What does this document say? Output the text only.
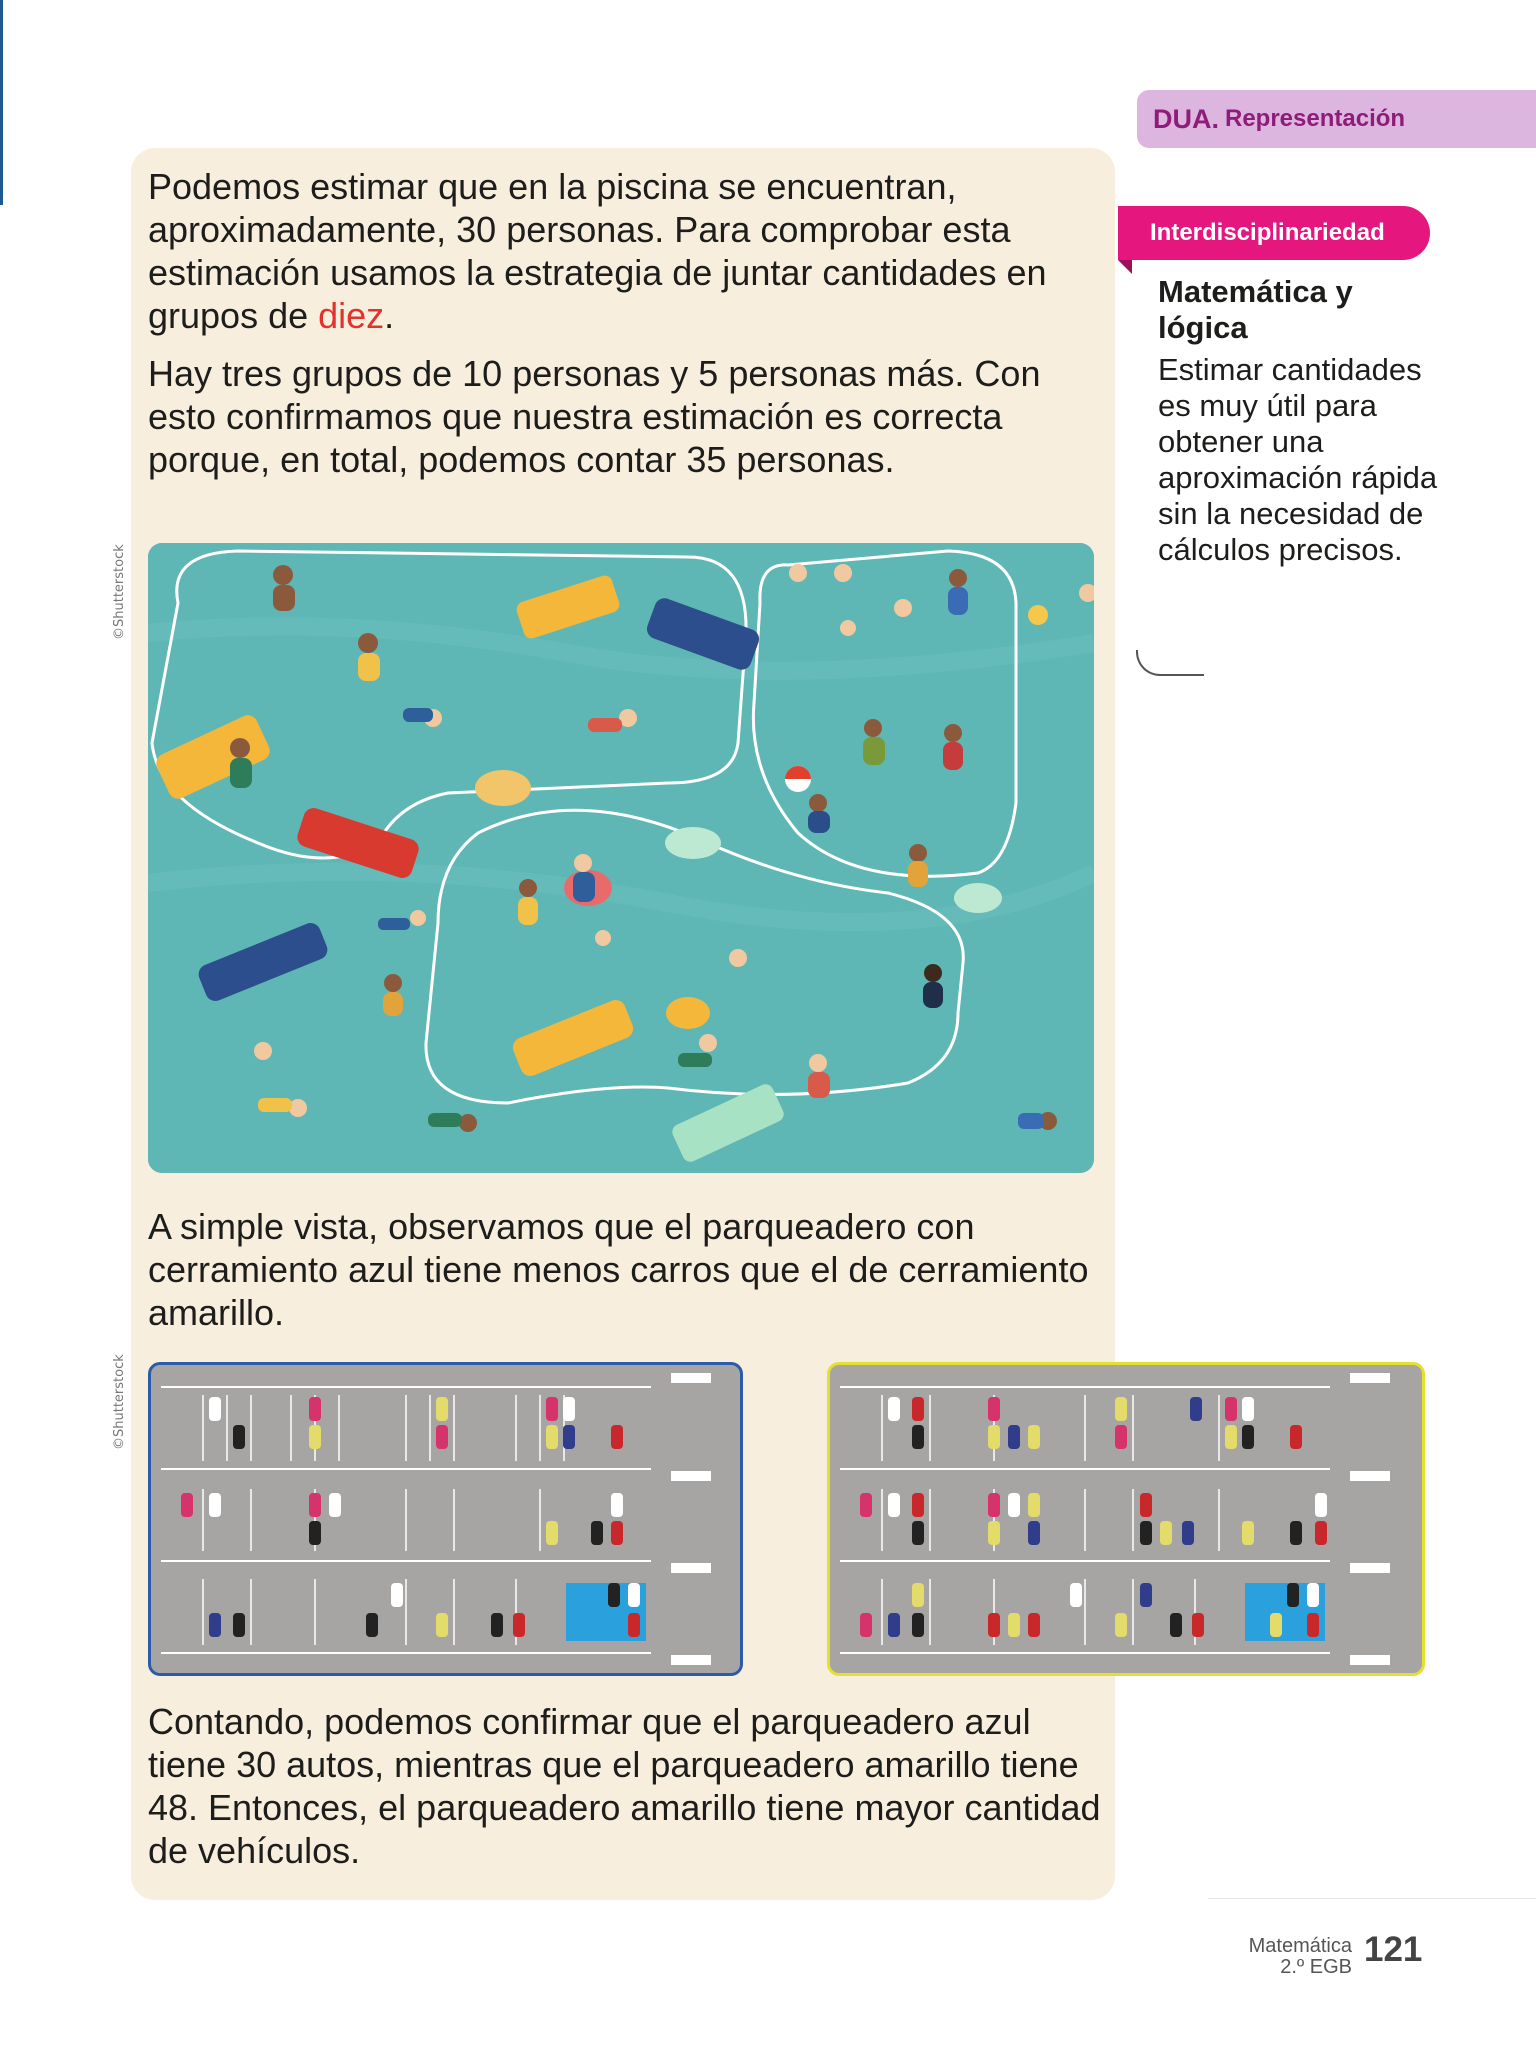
DUA. Representación
Interdisciplinariedad
Matemática y lógica
Estimar cantidades es muy útil para obtener una aproximación rápida sin la necesidad de cálculos precisos.
Podemos estimar que en la piscina se encuentran, aproximadamente, 30 personas. Para comprobar esta estimación usamos la estrategia de juntar cantidades en grupos de diez.
Hay tres grupos de 10 personas y 5 personas más. Con esto confirmamos que nuestra estimación es correcta porque, en total, podemos contar 35 personas.
©Shutterstock
A simple vista, observamos que el parqueadero con cerramiento azul tiene menos carros que el de cerramiento amarillo.
©Shutterstock
Contando, podemos confirmar que el parqueadero azul tiene 30 autos, mientras que el parqueadero amarillo tiene 48. Entonces, el parqueadero amarillo tiene mayor cantidad de vehículos.
Matemática
2.º EGB 121
